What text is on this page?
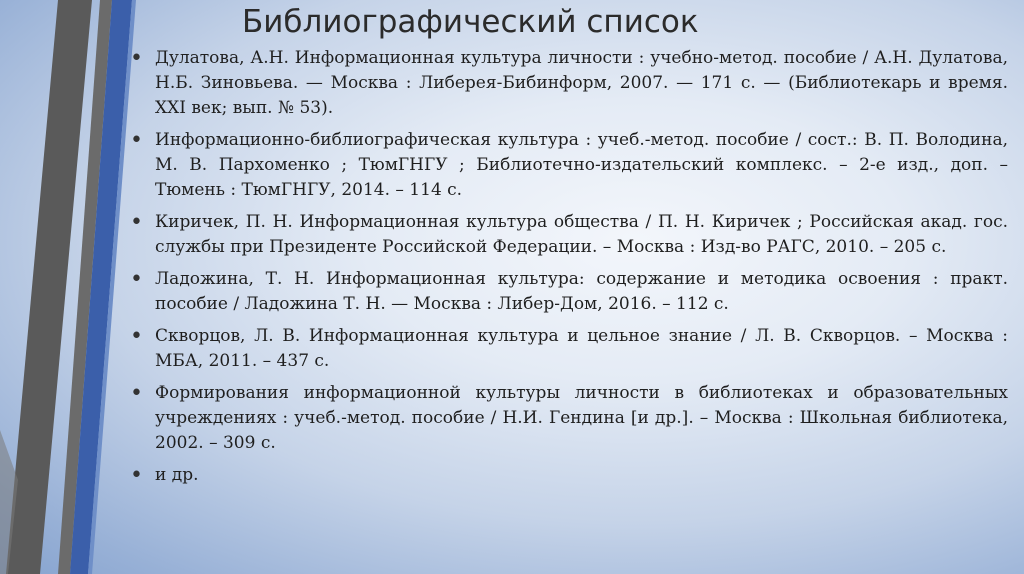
Библиографический список
• Дулатова, А.Н. Информационная культура личности : учебно-метод. пособие / А.Н. Дулатова, Н.Б. Зиновьева. — Москва : Либерея-Бибинформ, 2007. — 171 с. — (Библиотекарь и время. XXI век; вып. № 53).
• Информационно-библиографическая культура : учеб.-метод. пособие / сост.: В. П. Володина, М. В. Пархоменко ; ТюмГНГУ ; Библиотечно-издательский комплекс. – 2-е изд., доп. – Тюмень : ТюмГНГУ, 2014. – 114 с.
• Киричек, П. Н. Информационная культура общества / П. Н. Киричек ; Российская акад. гос. службы при Президенте Российской Федерации. – Москва : Изд-во РАГС, 2010. – 205 с.
• Ладожина, Т. Н. Информационная культура: содержание и методика освоения : практ. пособие / Ладожина Т. Н. — Москва : Либер-Дом, 2016. – 112 с.
• Скворцов, Л. В. Информационная культура и цельное знание / Л. В. Скворцов. – Москва : МБА, 2011. – 437 с.
• Формирования информационной культуры личности в библиотеках и образовательных учреждениях : учеб.-метод. пособие / Н.И. Гендина [и др.]. – Москва : Школьная библиотека, 2002. – 309 с.
• и др.
